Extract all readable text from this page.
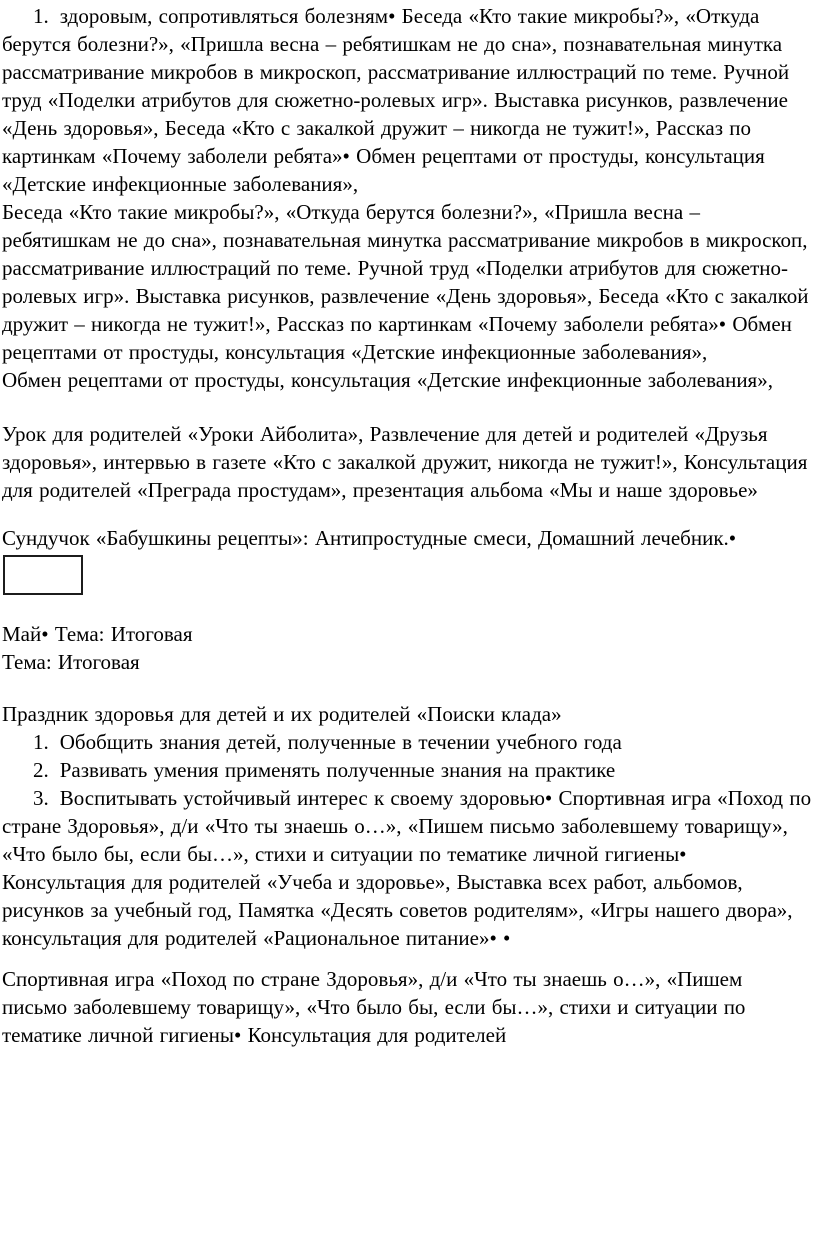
1. здоровым, сопротивляться болезням• Беседа «Кто такие микробы?», «Откуда берутся болезни?», «Пришла весна – ребятишкам не до сна», познавательная минутка рассматривание микробов в микроскоп, рассматривание иллюстраций по теме. Ручной труд «Поделки атрибутов для сюжетно-ролевых игр». Выставка рисунков, развлечение «День здоровья», Беседа «Кто с закалкой дружит – никогда не тужит!», Рассказ по картинкам «Почему заболели ребята»• Обмен рецептами от простуды, консультация «Детские инфекционные заболевания»,

Беседа «Кто такие микробы?», «Откуда берутся болезни?», «Пришла весна – ребятишкам не до сна», познавательная минутка рассматривание микробов в микроскоп, рассматривание иллюстраций по теме. Ручной труд «Поделки атрибутов для сюжетно-ролевых игр». Выставка рисунков, развлечение «День здоровья», Беседа «Кто с закалкой дружит – никогда не тужит!», Рассказ по картинкам «Почему заболели ребята»• Обмен рецептами от простуды, консультация «Детские инфекционные заболевания»,

Обмен рецептами от простуды, консультация «Детские инфекционные заболевания»,

Урок для родителей «Уроки Айболита», Развлечение для детей и родителей «Друзья здоровья», интервью в газете «Кто с закалкой дружит, никогда не тужит!», Консультация для родителей «Преграда простудам», презентация альбома «Мы и наше здоровье»

Сундучок «Бабушкины рецепты»: Антипростудные смеси, Домашний лечебник.•

Май• Тема: Итоговая

Тема: Итоговая

Праздник здоровья для детей и их родителей «Поиски клада»

1. Обобщить знания детей, полученные в течении учебного года

2. Развивать умения применять полученные знания на практике

3. Воспитывать устойчивый интерес к своему здоровью• Спортивная игра «Поход по стране Здоровья», д/и «Что ты знаешь о…», «Пишем письмо заболевшему товарищу», «Что было бы, если бы…», стихи и ситуации по тематике личной гигиены• Консультация для родителей «Учеба и здоровье», Выставка всех работ, альбомов, рисунков за учебный год, Памятка «Десять советов родителям», «Игры нашего двора», консультация для родителей «Рациональное питание»• •

Спортивная игра «Поход по стране Здоровья», д/и «Что ты знаешь о…», «Пишем письмо заболевшему товарищу», «Что было бы, если бы…», стихи и ситуации по тематике личной гигиены• Консультация для родителей
